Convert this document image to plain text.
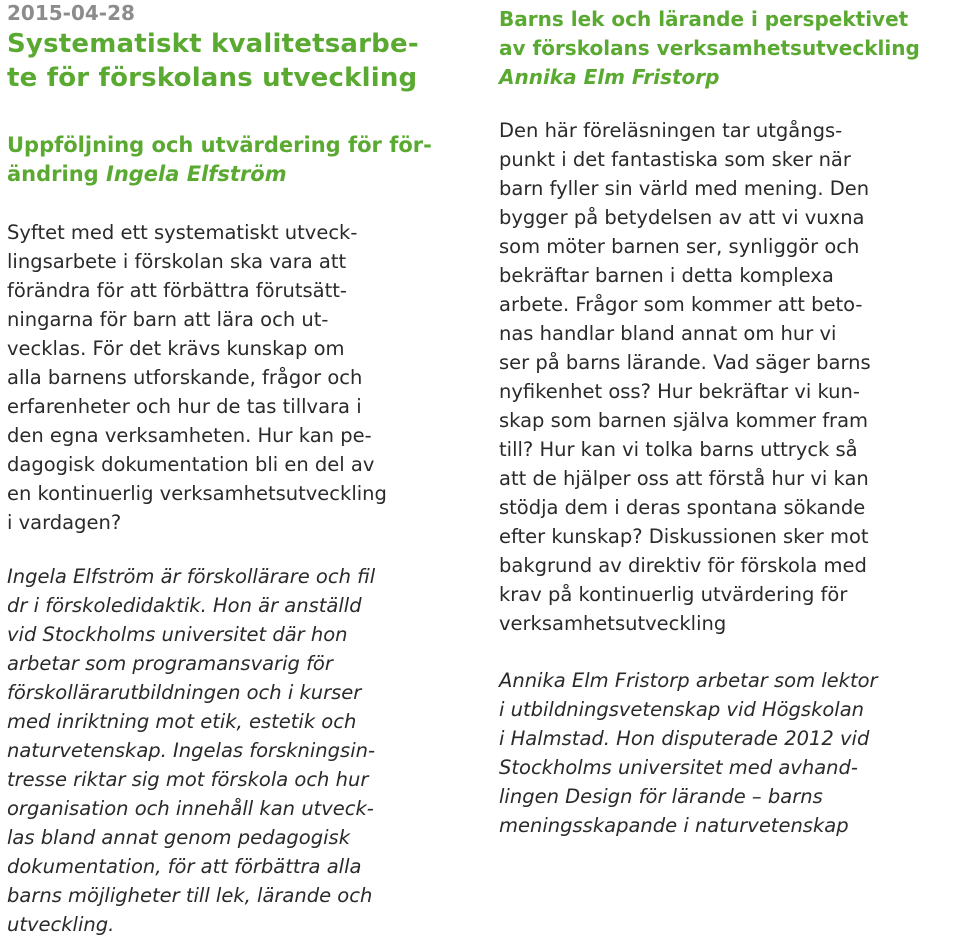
2015-04-28
Systematiskt kvalitetsarbe-
te för förskolans utveckling
Uppföljning och utvärdering för för-
ändring Ingela Elfström
Syftet med ett systematiskt utveck-
lingsarbete i förskolan ska vara att
förändra för att förbättra förutsätt-
ningarna för barn att lära och ut-
vecklas. För det krävs kunskap om
alla barnens utforskande, frågor och
erfarenheter och hur de tas tillvara i
den egna verksamheten. Hur kan pe-
dagogisk dokumentation bli en del av
en kontinuerlig verksamhetsutveckling
i vardagen?
Ingela Elfström är förskollärare och fil
dr i förskoledidaktik. Hon är anställd
vid Stockholms universitet där hon
arbetar som programansvarig för
förskollärarutbildningen och i kurser
med inriktning mot etik, estetik och
naturvetenskap. Ingelas forskningsin-
tresse riktar sig mot förskola och hur
organisation och innehåll kan utveck-
las bland annat genom pedagogisk
dokumentation, för att förbättra alla
barns möjligheter till lek, lärande och
utveckling.
Barns lek och lärande i perspektivet
av förskolans verksamhetsutveckling
Annika Elm Fristorp
Den här föreläsningen tar utgångs-
punkt i det fantastiska som sker när
barn fyller sin värld med mening. Den
bygger på betydelsen av att vi vuxna
som möter barnen ser, synliggör och
bekräftar barnen i detta komplexa
arbete. Frågor som kommer att beto-
nas handlar bland annat om hur vi
ser på barns lärande. Vad säger barns
nyfikenhet oss? Hur bekräftar vi kun-
skap som barnen själva kommer fram
till? Hur kan vi tolka barns uttryck så
att de hjälper oss att förstå hur vi kan
stödja dem i deras spontana sökande
efter kunskap? Diskussionen sker mot
bakgrund av direktiv för förskola med
krav på kontinuerlig utvärdering för
verksamhetsutveckling
Annika Elm Fristorp arbetar som lektor
i utbildningsvetenskap vid Högskolan
i Halmstad. Hon disputerade 2012 vid
Stockholms universitet med avhand-
lingen Design för lärande – barns
meningsskapande i naturvetenskap
